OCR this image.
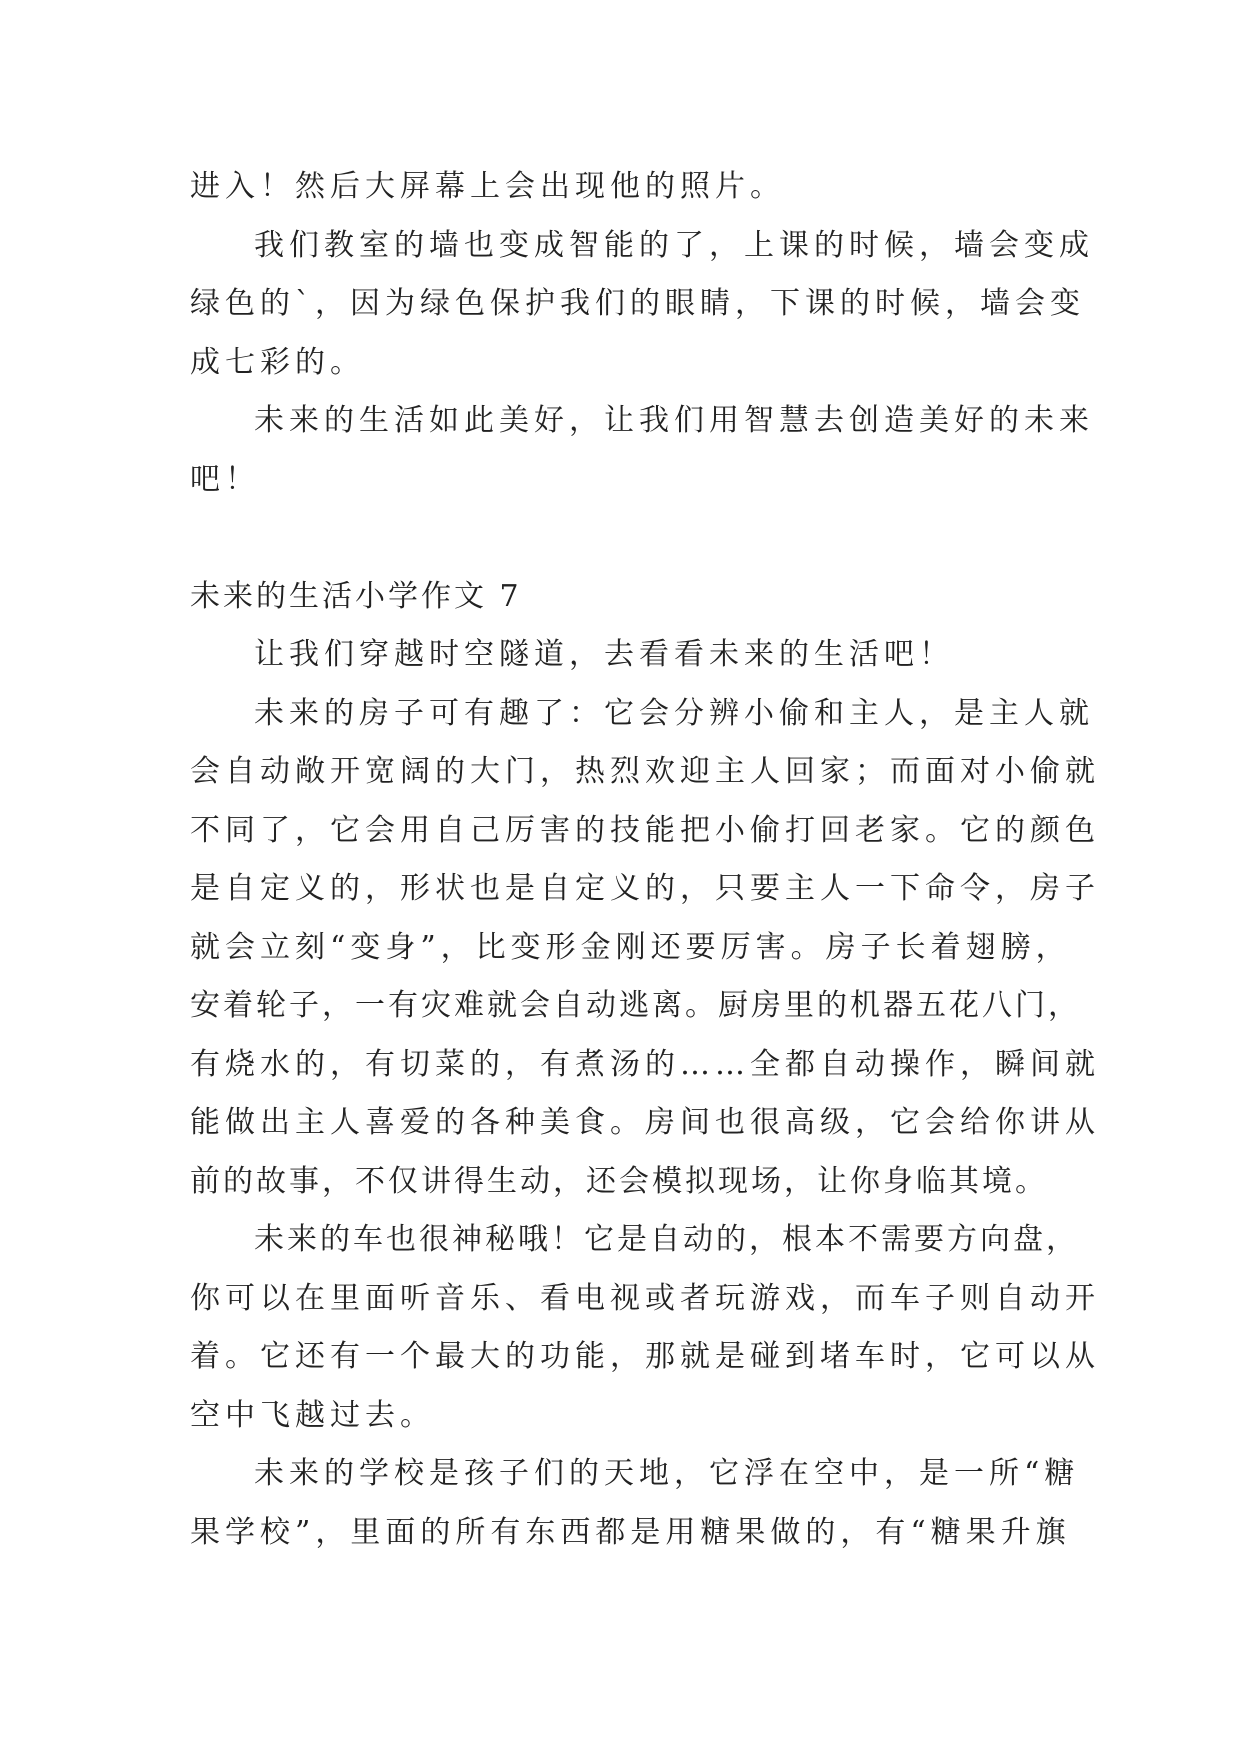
进入！然后大屏幕上会出现他的照片。
我们教室的墙也变成智能的了，上课的时候，墙会变成
绿色的`，因为绿色保护我们的眼睛，下课的时候，墙会变
成七彩的。
未来的生活如此美好，让我们用智慧去创造美好的未来
吧！
未来的生活小学作文 7
让我们穿越时空隧道，去看看未来的生活吧！
未来的房子可有趣了：它会分辨小偷和主人，是主人就
会自动敞开宽阔的大门，热烈欢迎主人回家；而面对小偷就
不同了，它会用自己厉害的技能把小偷打回老家。它的颜色
是自定义的，形状也是自定义的，只要主人一下命令，房子
就会立刻“变身”，比变形金刚还要厉害。房子长着翅膀，
安着轮子，一有灾难就会自动逃离。厨房里的机器五花八门，
有烧水的，有切菜的，有煮汤的……全都自动操作，瞬间就
能做出主人喜爱的各种美食。房间也很高级，它会给你讲从
前的故事，不仅讲得生动，还会模拟现场，让你身临其境。
未来的车也很神秘哦！它是自动的，根本不需要方向盘，
你可以在里面听音乐、看电视或者玩游戏，而车子则自动开
着。它还有一个最大的功能，那就是碰到堵车时，它可以从
空中飞越过去。
未来的学校是孩子们的天地，它浮在空中，是一所“糖
果学校”，里面的所有东西都是用糖果做的，有“糖果升旗
